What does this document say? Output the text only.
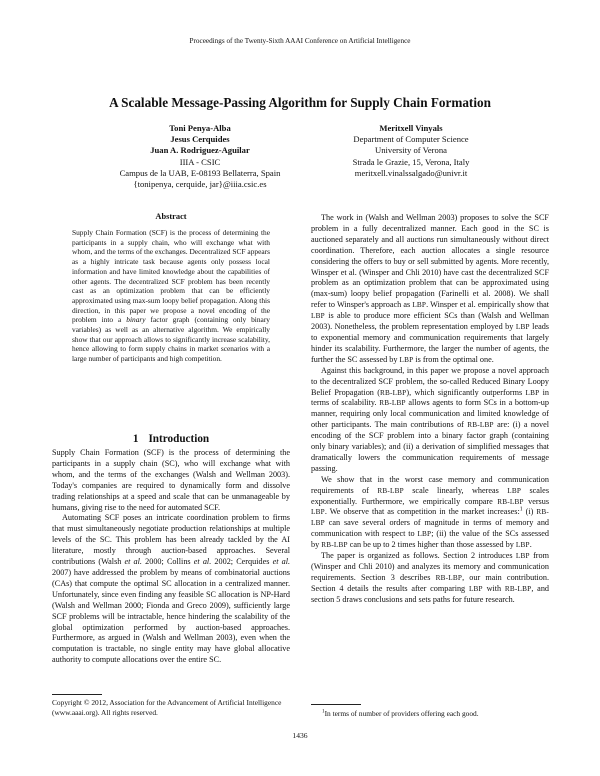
Proceedings of the Twenty-Sixth AAAI Conference on Artificial Intelligence
A Scalable Message-Passing Algorithm for Supply Chain Formation
Toni Penya-Alba
Jesus Cerquides
Juan A. Rodriguez-Aguilar
IIIA - CSIC
Campus de la UAB, E-08193 Bellaterra, Spain
{tonipenya, cerquide, jar}@iiia.csic.es
Meritxell Vinyals
Department of Computer Science
University of Verona
Strada le Grazie, 15, Verona, Italy
meritxell.vinalssalgado@univr.it
Abstract

Supply Chain Formation (SCF) is the process of determining the participants in a supply chain, who will exchange what with whom, and the terms of the exchanges. Decentralized SCF appears as a highly intricate task because agents only possess local information and have limited knowledge about the capabilities of other agents. The decentralized SCF problem has been recently cast as an optimization problem that can be efficiently approximated using max-sum loopy belief propagation. Along this direction, in this paper we propose a novel encoding of the problem into a binary factor graph (containing only binary variables) as well as an alternative algorithm. We empirically show that our approach allows to significantly increase scalability, hence allowing to form supply chains in market scenarios with a large number of participants and high competition.

1 Introduction

Supply Chain Formation (SCF) is the process of determining the participants in a supply chain (SC), who will exchange what with whom, and the terms of the exchanges (Walsh and Wellman 2003). Today's companies are required to dynamically form and dissolve trading relationships at a speed and scale that can be unmanageable by humans, giving rise to the need for automated SCF.

Automating SCF poses an intricate coordination problem to firms that must simultaneously negotiate production relationships at multiple levels of the SC. This problem has been already tackled by the AI literature, mostly through auction-based approaches. Several contributions (Walsh et al. 2000; Collins et al. 2002; Cerquides et al. 2007) have addressed the problem by means of combinatorial auctions (CAs) that compute the optimal SC allocation in a centralized manner. Unfortunately, since even finding any feasible SC allocation is NP-Hard (Walsh and Wellman 2000; Fionda and Greco 2009), sufficiently large SCF problems will be intractable, hence hindering the scalability of the global optimization performed by auction-based approaches. Furthermore, as argued in (Walsh and Wellman 2003), even when the computation is tractable, no single entity may have global allocative authority to compute allocations over the entire SC.

Copyright © 2012, Association for the Advancement of Artificial Intelligence (www.aaai.org). All rights reserved.

The work in (Walsh and Wellman 2003) proposes to solve the SCF problem in a fully decentralized manner. Each good in the SC is auctioned separately and all auctions run simultaneously without direct coordination. Therefore, each auction allocates a single resource considering the offers to buy or sell submitted by agents. More recently, Winsper et al. (Winsper and Chli 2010) have cast the decentralized SCF problem as an optimization problem that can be approximated using (max-sum) loopy belief propagation (Farinelli et al. 2008). We shall refer to Winsper's approach as LBP. Winsper et al. empirically show that LBP is able to produce more efficient SCs than (Walsh and Wellman 2003). Nonetheless, the problem representation employed by LBP leads to exponential memory and communication requirements that largely hinder its scalability. Furthermore, the larger the number of agents, the further the SC assessed by LBP is from the optimal one.

Against this background, in this paper we propose a novel approach to the decentralized SCF problem, the so-called Reduced Binary Loopy Belief Propagation (RB-LBP), which significantly outperforms LBP in terms of scalability. RB-LBP allows agents to form SCs in a bottom-up manner, requiring only local communication and limited knowledge of other participants. The main contributions of RB-LBP are: (i) a novel encoding of the SCF problem into a binary factor graph (containing only binary variables); and (ii) a derivation of simplified messages that dramatically lowers the communication requirements of message passing.

We show that in the worst case memory and communication requirements of RB-LBP scale linearly, whereas LBP scales exponentially. Furthermore, we empirically compare RB-LBP versus LBP. We observe that as competition in the market increases:$^1$ (i) RB-LBP can save several orders of magnitude in terms of memory and communication with respect to LBP; (ii) the value of the SCs assessed by RB-LBP can be up to 2 times higher than those assessed by LBP.

The paper is organized as follows. Section 2 introduces LBP from (Winsper and Chli 2010) and analyzes its memory and communication requirements. Section 3 describes RB-LBP, our main contribution. Section 4 details the results after comparing LBP with RB-LBP, and section 5 draws conclusions and sets paths for future research.

$^1$In terms of number of providers offering each good.
1436
